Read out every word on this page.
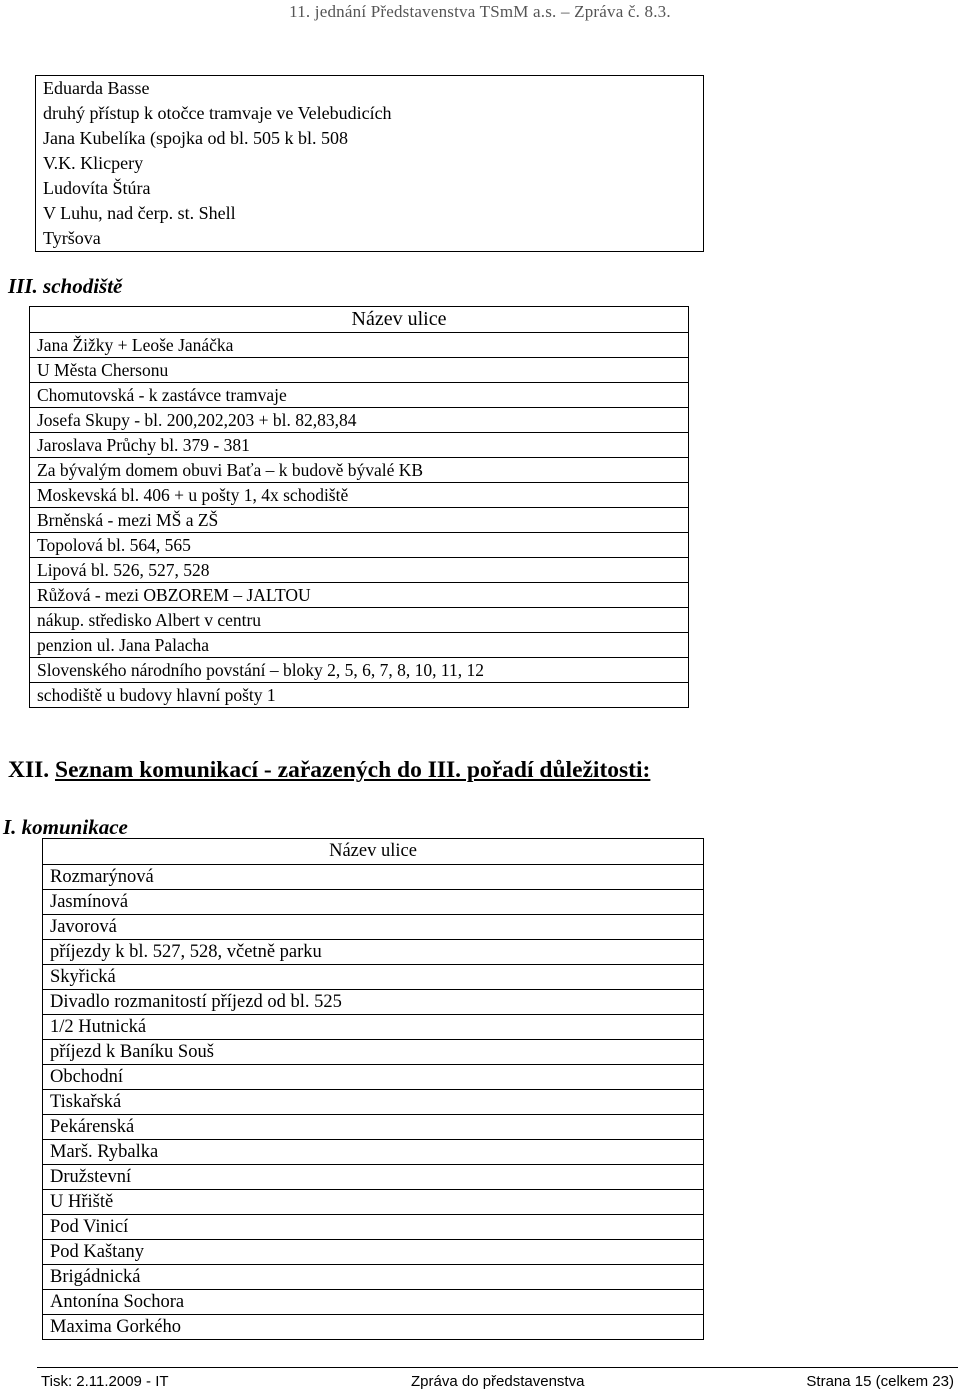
11. jednání Představenstva TSmM a.s. – Zpráva č. 8.3.
Eduarda Basse
druhý přístup k otočce tramvaje ve Velebudicích
Jana Kubelíka (spojka od bl. 505 k bl. 508
V.K. Klicpery
Ludovíta Štúra
V Luhu, nad čerp. st. Shell
Tyršova
III. schodiště
Název ulice
Jana Žižky + Leoše Janáčka
U Města Chersonu
Chomutovská - k zastávce tramvaje
Josefa Skupy - bl. 200,202,203 + bl. 82,83,84
Jaroslava Průchy bl. 379 - 381
Za bývalým domem obuvi Baťa – k budově bývalé KB
Moskevská bl. 406 + u pošty 1, 4x schodiště
Brněnská - mezi MŠ a ZŠ
Topolová bl. 564, 565
Lipová bl. 526, 527, 528
Růžová - mezi OBZOREM – JALTOU
nákup. středisko Albert v centru
penzion ul. Jana Palacha
Slovenského národního povstání – bloky 2, 5, 6, 7, 8, 10, 11, 12
schodiště u budovy hlavní pošty 1
XII. Seznam komunikací - zařazených do III. pořadí důležitosti:
I. komunikace
Název ulice
Rozmarýnová
Jasmínová
Javorová
příjezdy k bl. 527, 528, včetně parku
Skyřická
Divadlo rozmanitostí příjezd od bl. 525
1/2 Hutnická
příjezd k Baníku Souš
Obchodní
Tiskařská
Pekárenská
Marš. Rybalka
Družstevní
U Hřiště
Pod Vinicí
Pod Kaštany
Brigádnická
Antonína Sochora
Maxima Gorkého
Tisk: 2.11.2009 - IT	Zpráva do představenstva	Strana 15 (celkem 23)
